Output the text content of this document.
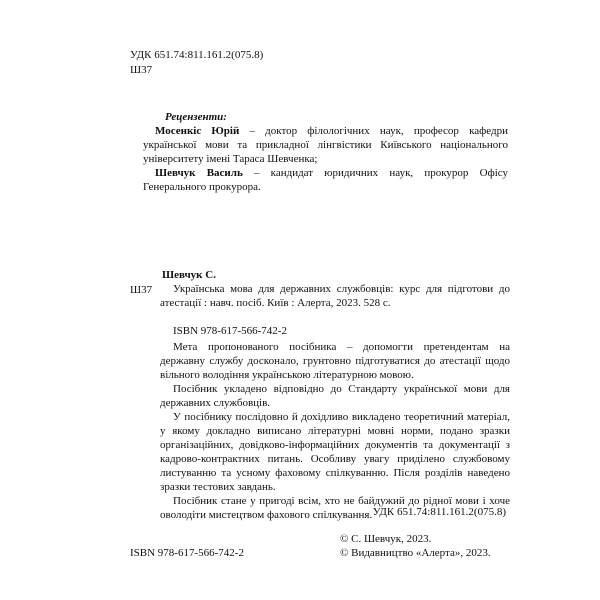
УДК 651.74:811.161.2(075.8)
Ш37
Рецензенти:

Мосенкіс Юрій – доктор філологічних наук, професор кафедри української мови та прикладної лінгвістики Київського національного університету імені Тараса Шевченка;

Шевчук Василь – кандидат юридичних наук, прокурор Офісу Генерального прокурора.

Ш37
Шевчук С.

Українська мова для державних службовців: курс для підготови до атестації : навч. посіб. Київ : Алерта, 2023. 528 с.

ISBN 978-617-566-742-2

Мета пропонованого посібника – допомогти претендентам на державну службу досконало, грунтовно підготуватися до атестації щодо вільного володіння українською літературною мовою.

Посібник укладено відповідно до Стандарту української мови для державних службовців.

У посібнику послідовно й дохідливо викладено теоретичний матеріал, у якому докладно виписано літературні мовні норми, подано зразки організаційних, довідково-інформаційних документів та документації з кадрово-контрактних питань. Особливу увагу приділено службовому листуванню та усному фаховому спілкуванню. Після розділів наведено зразки тестових завдань.

Посібник стане у пригоді всім, хто не байдужий до рідної мови і хоче оволодіти мистецтвом фахового спілкування. УДК 651.74:811.161.2(075.8)
ISBN 978-617-566-742-2
© С. Шевчук, 2023.
© Видавництво «Алерта», 2023.
